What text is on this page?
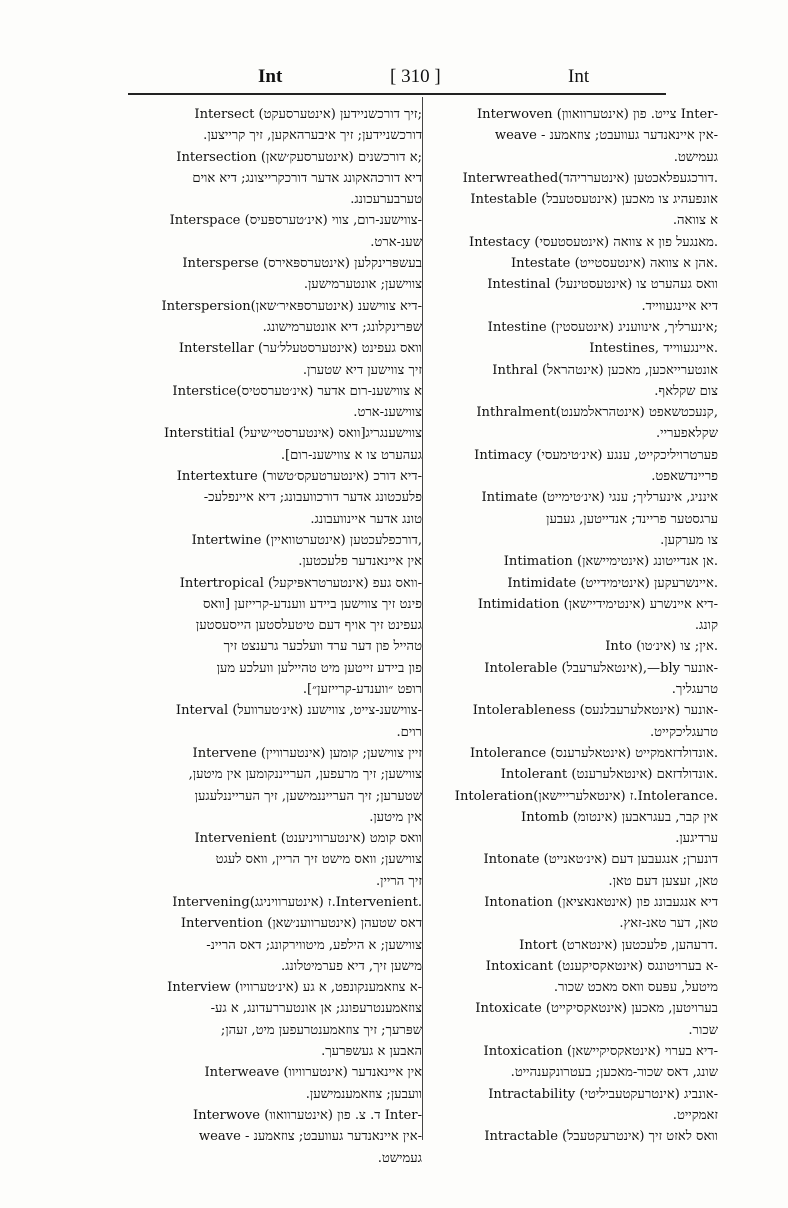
Int	[ 310 ]	Int
Intersect (אינטערסעקט) זיך דורכשניידען;
דורכשניידען; זיך איבערהאקען, זיך קרייצען.
Intersection (אינטערסעק׳שאן) א דורכשנים;
דיא דורכהאקונג אדער דורכקרייצונג; דיא אוים
טערבערעכונג.
Interspace (אינ׳טערספּעיס) צווישענ-רום, צווי-
שענ-ארט.
Intersperse (אינטערספּאירס) בעשפּרינקלען
צווישען; אונטערמישען.
Interspersion(אינטערספּאיר׳שאן) דיא צווישענ-
שפּרינקלונג; דיא אונטערמישונג.
Interstellar (אינטערסטעלל׳ער) וואס געפינט
זיך צווישען דיא שטערן.
Interstice(אינ׳טערסטיס) א צווישענ-רום אדער
צווישענ-ארט.
Interstitial (אינטערסטי׳שיעל) צווישענגריג[וואס
געהערט צו א צווישענ-רום].
Intertexture (אינטערטעקס׳טשור) דיא דורכ-
פלעכטונג אדער דורכוועבונג; דיא איינפלעכ-
טונג אדער איינוועבונג.
Intertwine (אינטערטוואיין) דורכפלעכטען,
אין איינאנדער פלעכטען.
Intertropical (אינטערטראפּיקעל) וואס געפ-
פינט זיך צווישען ביידע ווענדע-קרייזען [וואס
געפינט זיך אויף דעם טיטעלסטען הייסעסטען
טהייל פון דער ערד וועלכער גרענצט זיך
פון ביידע זייטען מיט טהיילען וועלכע מען
רופט ״ווענדע-קרייזען״].
Interval (אינ׳טערוועל) צווישענ-צייט, צווישענ-
רוים.
Intervene (אינטערוויין) זיין צווישען; קומען
צווישען; זיך מרעפען, הערייננקומען אין מיטען,
שטערען; זיך הערייננמישען, זיך הערייננלעגען
אין מיטען.
Intervenient (אינטערוויניענט) וואס קומט
צווישען; וואס מישט זיך הריין, וואס לעגט
זיך הריין.
Intervening(אינטערוויניגג) ז.Intervenient.
Intervention (אינטערווענ׳שאן) דאס שטעהן
צווישען; א הילפע, מיטווירקונג; דאס הריינ-
מישען זיך, דיא פערמיטלונג.
Interview (אינ׳טערוויו) א צוזאמענקונפט, א גע-
צוזאמענטרעפונג; אן אונטעררעדונג, א גע-
שפּרעך; זיך צוזאמענטרעפען מיט, זעהן;
האבען א געשפּרעך.
Interweave (אינטערוויוו) אין איינאנדער
וועבען; צוזאמענמישען.
Interwove (אינטערוואוו) ד. צ. פון Inter-
weave - אין איינאנדער געוועבט; צוזאמענ-
געמישט.
Interwoven (אינטערוואוון) צייט. פון Inter-
weave - אין איינאנדער געוועבט; צוזאמענ-
געמישט.
Interwreathed(אינטערריהד) דורכגעפלאכטען.
Intestable (אינטעסטעבל) אונפעהיג צו מאכען
א צוואה.
Intestacy (אינטעסטעסי) מאנגעל פון א צוואה.
Intestate (אינטעסטייט) אהן א צוואה.
Intestinal (אינטעסטינעל) וואס געהערט צו
דיא איינגעווייד.
Intestine (אינטעסטין) אינערליך, אינוועניג;
Intestines, איינגעווייד.
Inthral (אינטהראל) אונטערייאכען, מאכען
צום שקלאף.
Inthralment(אינטהראלמענט) קנעכטשאפט,
שקלאפעריי.
Intimacy (אינ׳טימעסי) פערטרויליכקייט, ענגע
פריינדשאפט.
Intimate (אינ׳טימייט) אינניג, אינערליך; ענגי
ערגסטער פריינד; אנדייטען, געבען
צו מערקען.
Intimation (אינטימיישאן) אן אנדייטונג.
Intimidate (אינטימידייט) איינשרעקען.
Intimidation (אינטימידיישאן) דיא איינשרע-
קונג.
Into (אינ׳טו) אין; צו.
Intolerable (אינטאלערעבל),—bly אונער-
טרעגליך.
Intolerableness (אינטאלערעבלנעס) אונער-
טרעגליכקייט.
Intolerance (אינטאלערענס) אונדולדזאמקייט.
Intolerant (אינטאלערענט) אונדולדזאם.
Intoleration(אינטאלערייישאן) ז.Intolerance.
Intomb (אינטומ) אין קבר, בעגראבען
ערדיגען.
Intonate (אינ׳טאנייט) דונערן; אנגעבען דעם
טאן, זעצען דעם טאן.
Intonation (אינטאנאציאן) דיא אנגעבונג פון
טאן, דער טאנ-זאץ.
Intort (אינטארט) דרעהען, פלעכטען.
Intoxicant (אינטאקסיקענט) א בערויטונגס-
מיטעל, עפּעס וואס מאכט שכור.
Intoxicate (אינטאקסיקייט) בערויטען, מאכען
שכור.
Intoxication (אינטאקסיקיישאן) דיא בערוי-
שונג, דאס שכור-מאכען; בעטרונקענהייט.
Intractability (אינטרעקטעביליטי) אונביג-
זאמקייט.
Intractable (אינטרעקטעבל) וואס לאזט זיך
